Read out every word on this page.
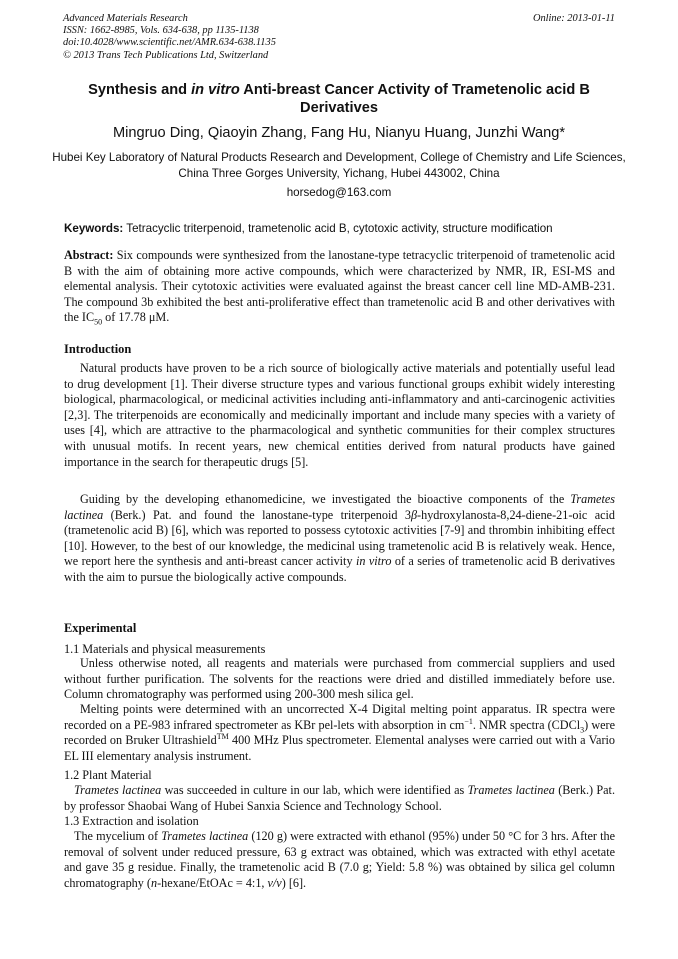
Advanced Materials Research
ISSN: 1662-8985, Vols. 634-638, pp 1135-1138
doi:10.4028/www.scientific.net/AMR.634-638.1135
© 2013 Trans Tech Publications Ltd, Switzerland
Online: 2013-01-11
Synthesis and in vitro Anti-breast Cancer Activity of Trametenolic acid B Derivatives
Mingruo Ding, Qiaoyin Zhang, Fang Hu, Nianyu Huang, Junzhi Wang*
Hubei Key Laboratory of Natural Products Research and Development, College of Chemistry and Life Sciences, China Three Gorges University, Yichang, Hubei 443002, China
horsedog@163.com
Keywords: Tetracyclic triterpenoid, trametenolic acid B, cytotoxic activity, structure modification
Abstract: Six compounds were synthesized from the lanostane-type tetracyclic triterpenoid of trametenolic acid B with the aim of obtaining more active compounds, which were characterized by NMR, IR, ESI-MS and elemental analysis. Their cytotoxic activities were evaluated against the breast cancer cell line MD-AMB-231. The compound 3b exhibited the best anti-proliferative effect than trametenolic acid B and other derivatives with the $IC_{50}$ of 17.78 μM.
Introduction
Natural products have proven to be a rich source of biologically active materials and potentially useful lead to drug development [1]. Their diverse structure types and various functional groups exhibit widely interesting biological, pharmacological, or medicinal activities including anti-inflammatory and anti-carcinogenic activities [2,3]. The triterpenoids are economically and medicinally important and include many species with a variety of uses [4], which are attractive to the pharmacological and synthetic communities for their complex structures with unusual motifs. In recent years, new chemical entities derived from natural products have gained importance in the search for therapeutic drugs [5].
Guiding by the developing ethanomedicine, we investigated the bioactive components of the Trametes lactinea (Berk.) Pat. and found the lanostane-type triterpenoid 3β-hydroxylanosta-8,24-diene-21-oic acid (trametenolic acid B) [6], which was reported to possess cytotoxic activities [7-9] and thrombin inhibiting effect [10]. However, to the best of our knowledge, the medicinal using trametenolic acid B is relatively weak. Hence, we report here the synthesis and anti-breast cancer activity in vitro of a series of trametenolic acid B derivatives with the aim to pursue the biologically active compounds.
Experimental
1.1 Materials and physical measurements
Unless otherwise noted, all reagents and materials were purchased from commercial suppliers and used without further purification. The solvents for the reactions were dried and distilled immediately before use. Column chromatography was performed using 200-300 mesh silica gel.
Melting points were determined with an uncorrected X-4 Digital melting point apparatus. IR spectra were recorded on a PE-983 infrared spectrometer as KBr pel-lets with absorption in $cm^{-1}$. NMR spectra (CDCl$_3$) were recorded on Bruker Ultrashield™ 400 MHz Plus spectrometer. Elemental analyses were carried out with a Vario EL III elementary analysis instrument.
1.2 Plant Material
Trametes lactinea was succeeded in culture in our lab, which were identified as Trametes lactinea (Berk.) Pat. by professor Shaobai Wang of Hubei Sanxia Science and Technology School.
1.3 Extraction and isolation
The mycelium of Trametes lactinea (120 g) were extracted with ethanol (95%) under 50 °C for 3 hrs. After the removal of solvent under reduced pressure, 63 g extract was obtained, which was extracted with ethyl acetate and gave 35 g residue. Finally, the trametenolic acid B (7.0 g; Yield: 5.8 %) was obtained by silica gel column chromatography (n-hexane/EtOAc = 4:1, v/v) [6].
